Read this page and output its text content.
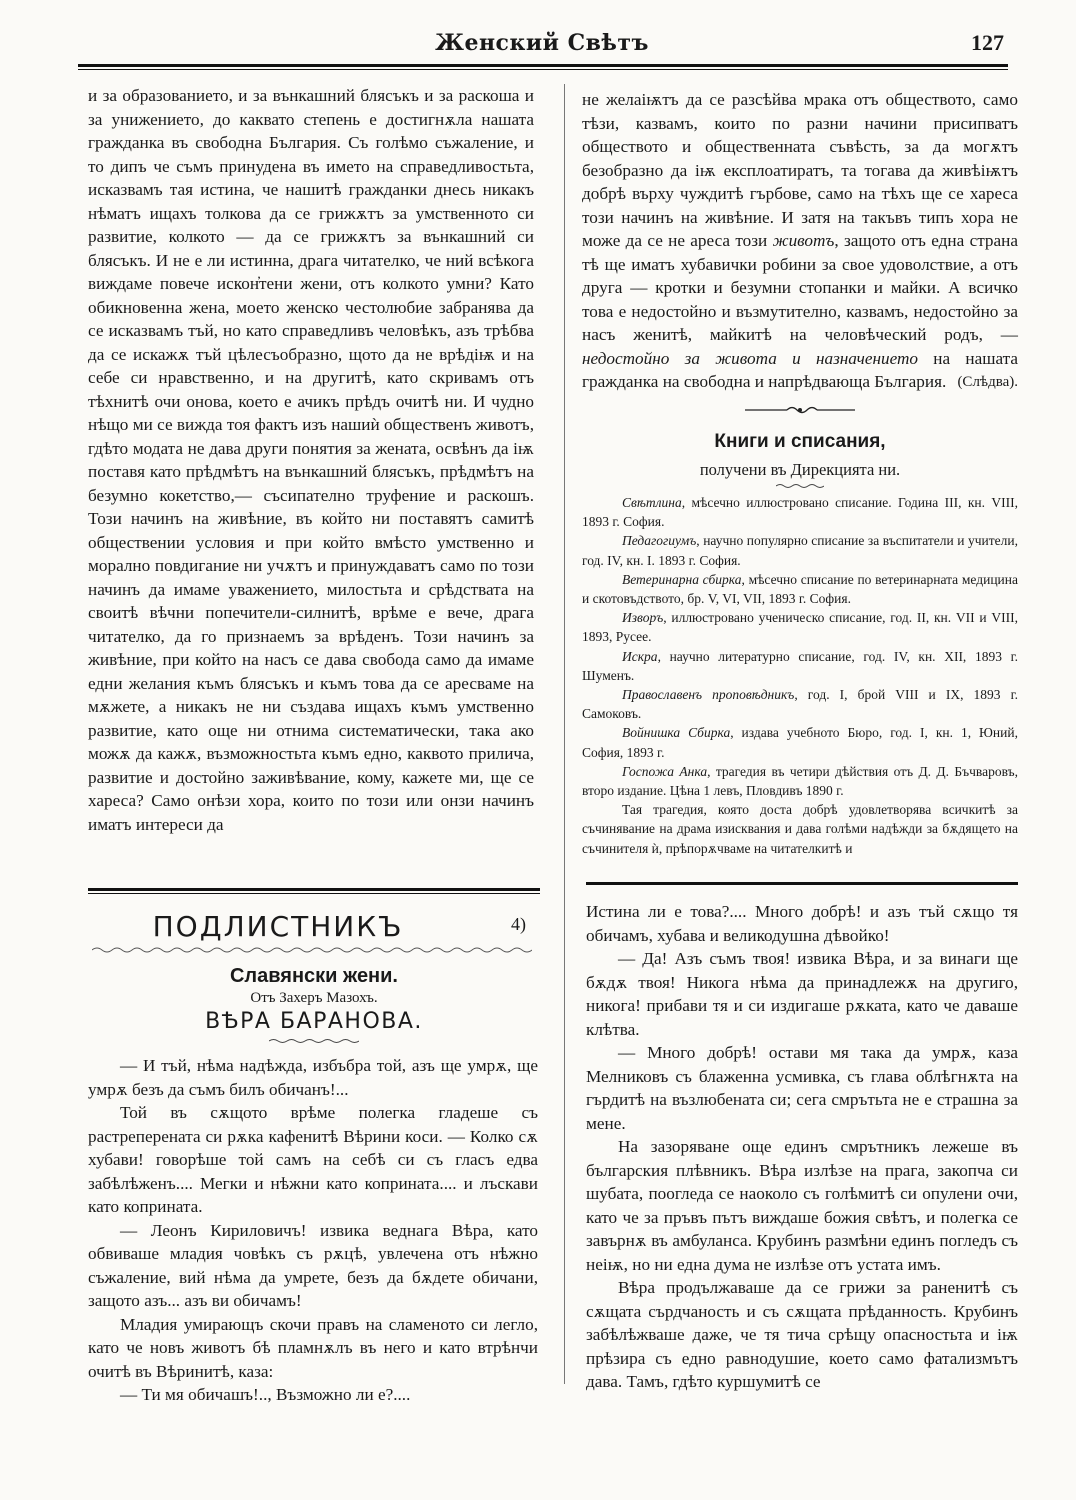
Женский Свѣтъ	127

и за образованието, и за вънкашний блясъкъ и за раскоша и за унижението, до каквато степень е достигнѫла нашата гражданка въ свободна България. Съ голѣмо съжаление, и то дипъ че съмъ принудена въ името на справедливостьта, исказвамъ тая истина, че нашитѣ гражданки днесь никакъ нѣматъ ищахъ толкова да се грижѫтъ за умственното си развитие, колкото — да се грижѫтъ за вънкашний си блясъкъ. И не е ли истинна, драга читателко, че ний всѣкога виждаме повече искон̓тени жени, отъ колкото умни? Като обикновенна жена, моето женско честолюбие забранява да се исказвамъ тъй, но като справедливъ человѣкъ, азъ трѣбва да се искажѫ тъй цѣлесъобразно, щото да не врѣдіѭ и на себе си нравственно, и на другитѣ, като скривамъ отъ тѣхнитѣ очи онова, което е ачикъ прѣдъ очитѣ ни. И чудно нѣщо ми се вижда тоя фактъ изъ нашиѝ общественъ животъ, гдѣто модата не дава други понятия за жената, освѣнъ да іѭ поставя като прѣдмѣтъ на вънкашний блясъкъ, прѣдмѣтъ на безумно кокетство,— съсипателно труфение и раскошъ. Този начинъ на живѣние, въ който ни поставятъ самитѣ обществении условия и при който вмѣсто умственно и морално повдигание ни учѫтъ и принуждаватъ само по този начинъ да имаме уважението, милостьта и срѣдствата на своитѣ вѣчни попечители-силнитѣ, врѣме е вече, драга читателко, да го признаемъ за врѣденъ. Този начинъ за живѣние, при който на насъ се дава свобода само да имаме едни желания къмъ блясъкъ и къмъ това да се аресваме на мѫжете, а никакъ не ни създава ищахъ къмъ умственно развитие, като още ни отнима систематически, така ако можѫ да кажѫ, възможностьта къмъ едно, каквото прилича, развитие и достойно заживѣвание, кому, кажете ми, ще се хареса? Само онѣзи хора, които по този или онзи начинъ иматъ интереси да

не желаіѭтъ да се разсѣйва мрака отъ обществото, само тѣзи, казвамъ, които по разни начини присипватъ обществото и общественната съвѣсть, за да могѫтъ безобразно да іѭ експлоатиратъ, та тогава да живѣіѭтъ добрѣ върху чуждитѣ гърбове, само на тѣхъ ще се хареса този начинъ на живѣние. И затя на такъвъ типъ хора не може да се не ареса този животъ, защото отъ една страна тѣ ще иматъ хубавички робини за свое удоволствие, а отъ друга — кротки и безумни стопанки и майки. А всичко това е недостойно и възмутително, казвамъ, недостойно за насъ женитѣ, майкитѣ на человѣческий родъ, — недостойно за живота и назначението на нашата гражданка на свободна и напрѣдвающа България. (Слѣдва).
Книги и списания,
получени въ Дирекцията ни.

Свѣтлина, мѣсечно иллюстровано списание. Година III, кн. VIII, 1893 г. София.

Педагогиумъ, научно популярно списание за въспитатели и учители, год. IV, кн. I. 1893 г. София.

Ветеринарна сбирка, мѣсечно списание по ветеринарната медицина и скотовъдството, бр. V, VI, VII, 1893 г. София.

Изворъ, иллюстровано ученическо списание, год. II, кн. VII и VIII, 1893, Русее.

Искра, научно литературно списание, год. IV, кн. XII, 1893 г. Шуменъ.

Православенъ проповѣдникъ, год. I, брой VIII и IX, 1893 г. Самоковъ.

Войнишка Сбирка, издава учебното Бюро, год. I, кн. 1, Юний, София, 1893 г.

Госпожа Анка, трагедия въ четири дѣйствия отъ Д. Д. Бъчваровъ, второ издание. Цѣна 1 левъ, Пловдивъ 1890 г.

Тая трагедия, която доста добрѣ удовлетворява всичкитѣ за съчинявание на драма изисквания и дава голѣми надѣжди за бѫдящето на съчинителя ѝ, прѣпорѫчваме на читателкитѣ и

ПОДЛИСТНИКЪ	4)
Славянски жени.
Отъ Захеръ Мазохъ.
ВѢРА БАРАНОВА.

— И тъй, нѣма надѣжда, избъбра той, азъ ще умрѫ, ще умрѫ безъ да съмъ билъ обичанъ!...

Той въ сѫщото врѣме полегка гладеше съ растреперената си рѫка кафенитѣ Вѣрини коси. — Колко сѫ хубави! говорѣше той самъ на себѣ си съ гласъ едва забѣлѣженъ.... Мегки и нѣжни като коприната.... и лъскави като коприната.

— Леонъ Кириловичъ! извика веднага Вѣра, като обвиваше младия човѣкъ съ рѫцѣ, увлечена отъ нѣжно съжаление, вий нѣма да умрете, безъ да бѫдете обичани, защото азъ... азъ ви обичамъ!

Младия умирающъ скочи правъ на сламеното си легло, като че новъ животъ бѣ пламнѫлъ въ него и като втрѣнчи очитѣ въ Вѣринитѣ, каза:

— Ти мя обичашъ!.., Възможно ли е?....

Истина ли е това?.... Много добрѣ! и азъ тъй сѫщо тя обичамъ, хубава и великодушна дѣвойко!

— Да! Азъ съмъ твоя! извика Вѣра, и за винаги ще бѫдѫ твоя! Никога нѣма да принадлежѫ на другиго, никога! прибави тя и си издигаше рѫката, като че даваше клѣтва.

— Много добрѣ! остави мя така да умрѫ, каза Мелниковъ съ блаженна усмивка, съ глава облѣгнѫта на гърдитѣ на възлюбената си; сега смрътьта не е страшна за мене.

На зазоряване още единъ смрътникъ лежеше въ българския плѣвникъ. Вѣра излѣзе на прага, закопча си шубата, поогледа се наоколо съ голѣмитѣ си опулени очи, като че за пръвъ пътъ виждаше божия свѣтъ, и полегка се завърнѫ въ амбуланса. Крубинъ размѣни единъ погледъ съ неіѭ, но ни една дума не излѣзе отъ устата имъ.

Вѣра продължаваше да се грижи за раненитѣ съ сѫщата сърдчаность и съ сѫщата прѣданность. Крубинъ забѣлѣжваше даже, че тя тича срѣщу опасностьта и іѭ прѣзира съ едно равнодушие, което само фатализмътъ дава. Тамъ, гдѣто куршумитѣ се
